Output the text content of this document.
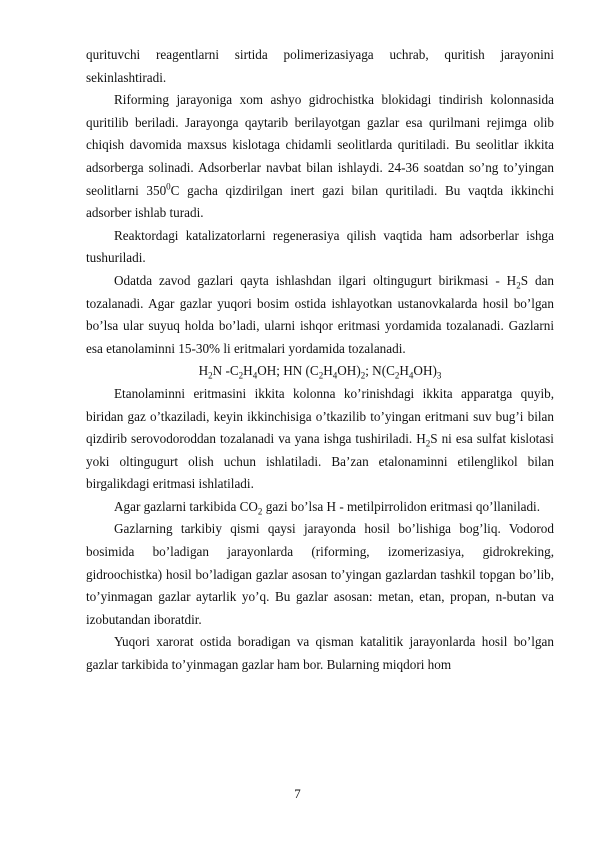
qurituvchi reagentlarni sirtida polimerizasiyaga uchrab, quritish jarayonini sekinlashtiradi.

Riforming jarayoniga xom ashyo gidrochistka blokidagi tindirish kolonnasida quritilib beriladi. Jarayonga qaytarib berilayotgan gazlar esa qurilmani rejimga olib chiqish davomida maxsus kislotaga chidamli seolitlarda quritiladi. Bu seolitlar ikkita adsorberga solinadi. Adsorberlar navbat bilan ishlaydi. 24-36 soatdan so’ng to’yingan seolitlarni $350^0C$ gacha qizdirilgan inert gazi bilan quritiladi. Bu vaqtda ikkinchi adsorber ishlab turadi.

Reaktordagi katalizatorlarni regenerasiya qilish vaqtida ham adsorberlar ishga tushuriladi.

Odatda zavod gazlari qayta ishlashdan ilgari oltingugurt birikmasi - $H_2S$ dan tozalanadi. Agar gazlar yuqori bosim ostida ishlayotkan ustanovkalarda hosil bo’lgan bo’lsa ular suyuq holda bo’ladi, ularni ishqor eritmasi yordamida tozalanadi. Gazlarni esa etanolaminni 15-30% li eritmalari yordamida tozalanadi.

$H_2N$ $-C_2H_4OH$; HN $(C_2H_4OH)_2$; $N(C_2H_4OH)_3$

Etanolaminni eritmasini ikkita kolonna ko’rinishdagi ikkita apparatga quyib, biridan gaz o’tkaziladi, keyin ikkinchisiga o’tkazilib to’yingan eritmani suv bug’i bilan qizdirib serovodoroddan tozalanadi va yana ishga tushiriladi. $H_2S$ ni esa sulfat kislotasi yoki oltingugurt olish uchun ishlatiladi. Ba’zan etalonaminni etilenglikol bilan birgalikdagi eritmasi ishlatiladi.

Agar gazlarni tarkibida $CO_2$ gazi bo’lsa H - metilpirrolidon eritmasi qo’llaniladi.

Gazlarning tarkibiy qismi qaysi jarayonda hosil bo’lishiga bog’liq. Vodorod bosimida bo’ladigan jarayonlarda (riforming, izomerizasiya, gidrokreking, gidroochistka) hosil bo’ladigan gazlar asosan to’yingan gazlardan tashkil topgan bo’lib, to’yinmagan gazlar aytarlik yo’q. Bu gazlar asosan: metan, etan, propan, n-butan va izobutandan iboratdir.

Yuqori xarorat ostida boradigan va qisman katalitik jarayonlarda hosil bo’lgan gazlar tarkibida to’yinmagan gazlar ham bor. Bularning miqdori hom

7
